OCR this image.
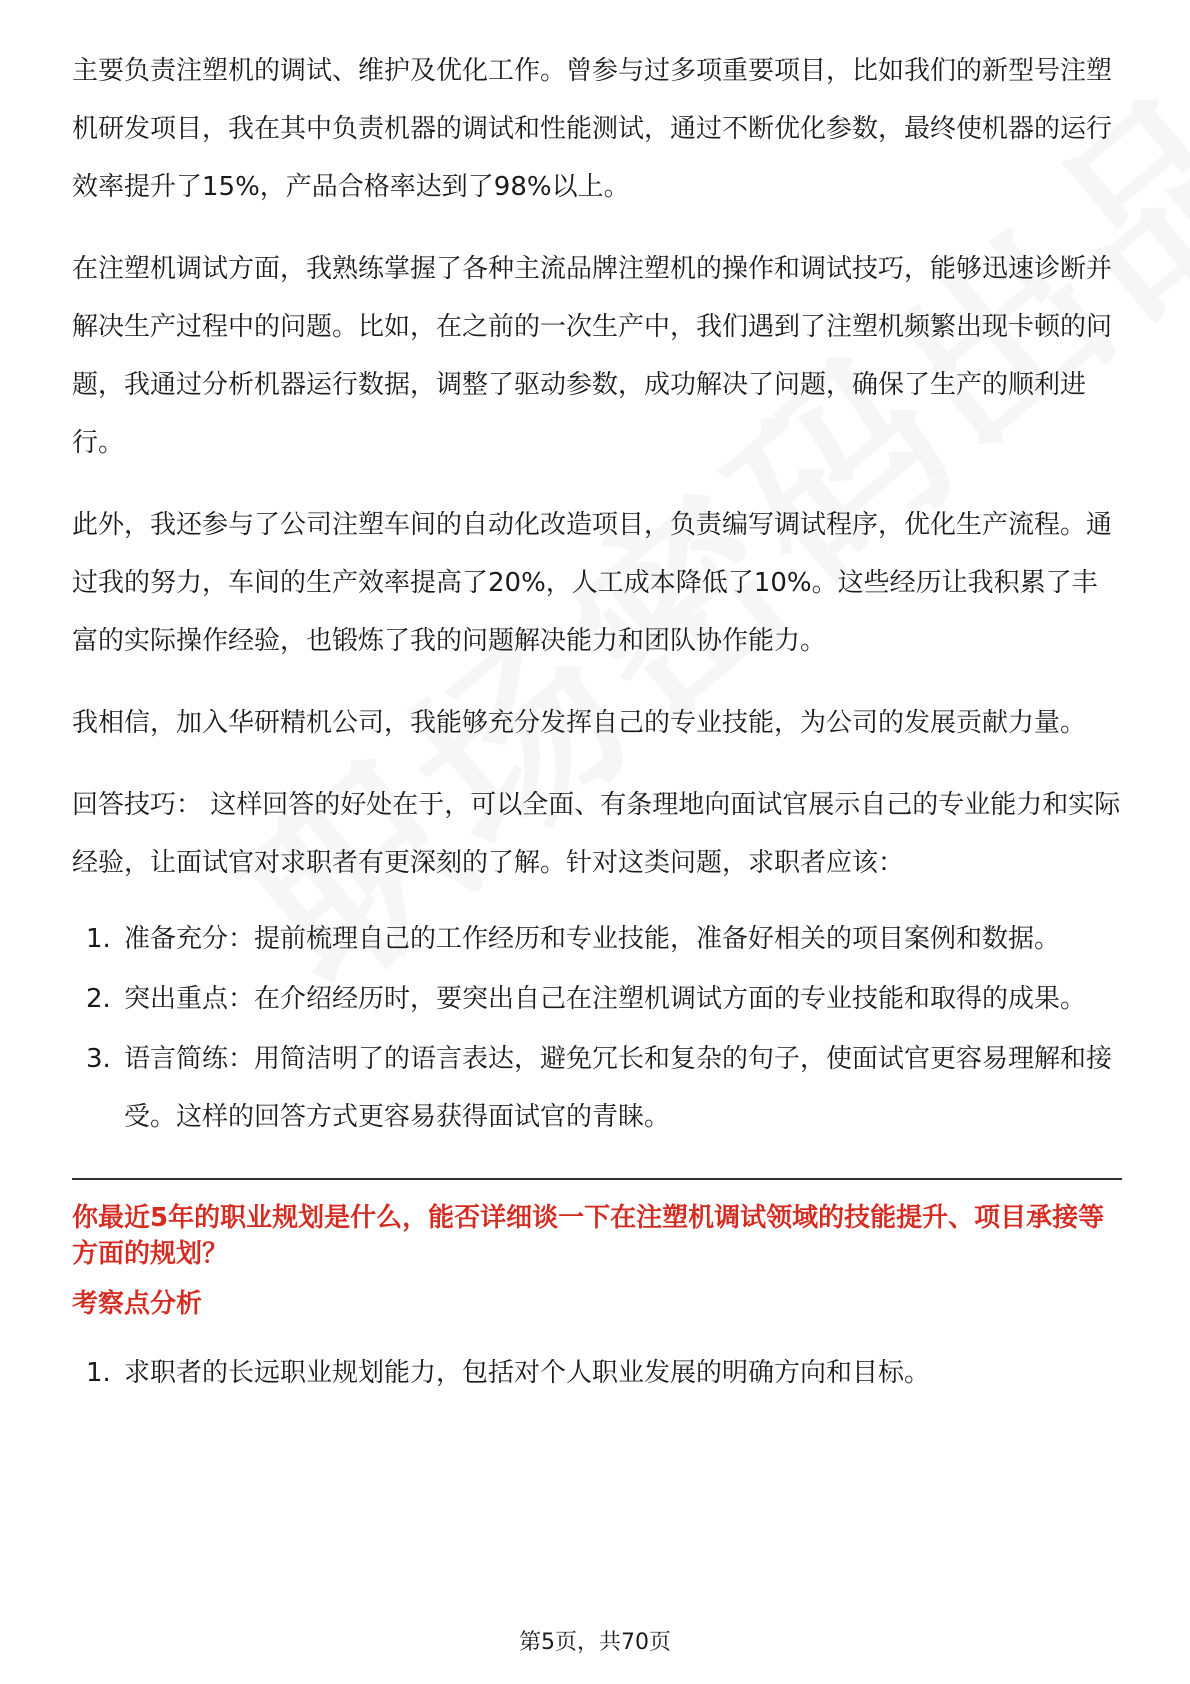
主要负责注塑机的调试、维护及优化工作。曾参与过多项重要项目，比如我们的新型号注塑机研发项目，我在其中负责机器的调试和性能测试，通过不断优化参数，最终使机器的运行效率提升了15%，产品合格率达到了98%以上。

在注塑机调试方面，我熟练掌握了各种主流品牌注塑机的操作和调试技巧，能够迅速诊断并解决生产过程中的问题。比如，在之前的一次生产中，我们遇到了注塑机频繁出现卡顿的问题，我通过分析机器运行数据，调整了驱动参数，成功解决了问题，确保了生产的顺利进行。

此外，我还参与了公司注塑车间的自动化改造项目，负责编写调试程序，优化生产流程。通过我的努力，车间的生产效率提高了20%，人工成本降低了10%。这些经历让我积累了丰富的实际操作经验，也锻炼了我的问题解决能力和团队协作能力。

我相信，加入华研精机公司，我能够充分发挥自己的专业技能，为公司的发展贡献力量。

回答技巧： 这样回答的好处在于，可以全面、有条理地向面试官展示自己的专业能力和实际经验，让面试官对求职者有更深刻的了解。针对这类问题，求职者应该：

1. 准备充分：提前梳理自己的工作经历和专业技能，准备好相关的项目案例和数据。
2. 突出重点：在介绍经历时，要突出自己在注塑机调试方面的专业技能和取得的成果。
3. 语言简练：用简洁明了的语言表达，避免冗长和复杂的句子，使面试官更容易理解和接受。这样的回答方式更容易获得面试官的青睐。

你最近5年的职业规划是什么，能否详细谈一下在注塑机调试领域的技能提升、项目承接等方面的规划？

考察点分析

1. 求职者的长远职业规划能力，包括对个人职业发展的明确方向和目标。
第5页，共70页
